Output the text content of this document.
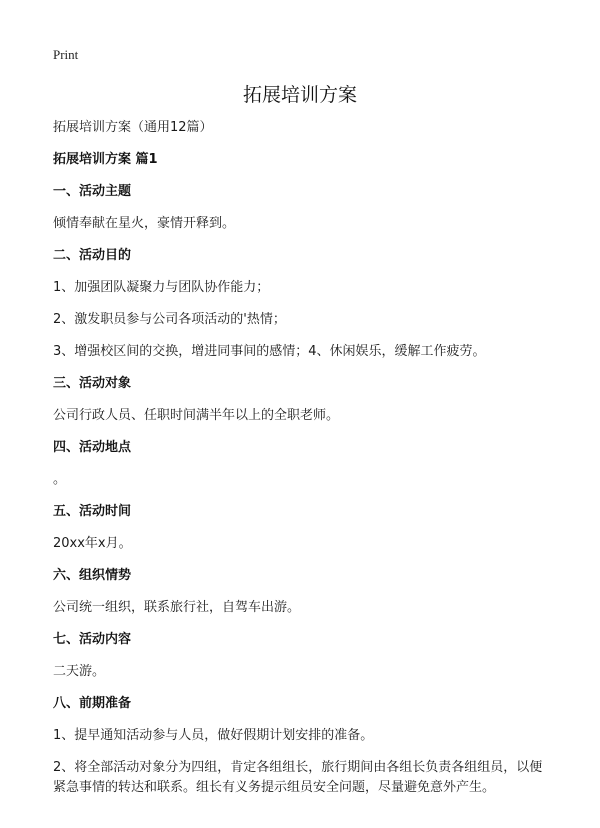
Print
拓展培训方案

拓展培训方案（通用12篇）

拓展培训方案 篇1

一、活动主题

倾情奉献在星火，豪情开释到。

二、活动目的

1、加强团队凝聚力与团队协作能力；

2、激发职员参与公司各项活动的'热情；

3、增强校区间的交换，增进同事间的感情；4、休闲娱乐，缓解工作疲劳。

三、活动对象

公司行政人员、任职时间满半年以上的全职老师。

四、活动地点

。

五、活动时间

20xx年x月。

六、组织情势

公司统一组织，联系旅行社，自驾车出游。

七、活动内容

二天游。

八、前期准备

1、提早通知活动参与人员，做好假期计划安排的准备。

2、将全部活动对象分为四组，肯定各组组长，旅行期间由各组长负责各组组员，以便紧急事情的转达和联系。组长有义务提示组员安全问题，尽量避免意外产生。
